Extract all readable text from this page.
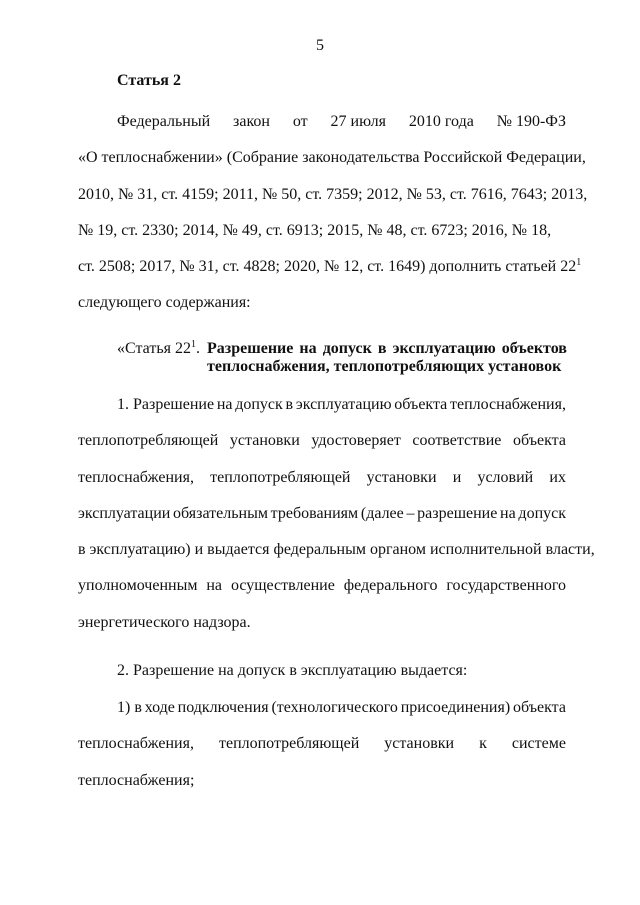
5
Статья 2
Федеральный закон от 27 июля 2010 года № 190-ФЗ
«О теплоснабжении» (Собрание законодательства Российской Федерации,
2010, № 31, ст. 4159; 2011, № 50, ст. 7359; 2012, № 53, ст. 7616, 7643; 2013,
№ 19, ст. 2330; 2014, № 49, ст. 6913; 2015, № 48, ст. 6723; 2016, № 18,
ст. 2508; 2017, № 31, ст. 4828; 2020, № 12, ст. 1649) дополнить статьей $22^1$
следующего содержания:
«Статья $22^1$. Разрешение на допуск в эксплуатацию объектов
теплоснабжения, теплопотребляющих установок
1. Разрешение на допуск в эксплуатацию объекта теплоснабжения,
теплопотребляющей установки удостоверяет соответствие объекта
теплоснабжения, теплопотребляющей установки и условий их
эксплуатации обязательным требованиям (далее – разрешение на допуск
в эксплуатацию) и выдается федеральным органом исполнительной власти,
уполномоченным на осуществление федерального государственного
энергетического надзора.
2. Разрешение на допуск в эксплуатацию выдается:
1) в ходе подключения (технологического присоединения) объекта
теплоснабжения, теплопотребляющей установки к системе
теплоснабжения;
